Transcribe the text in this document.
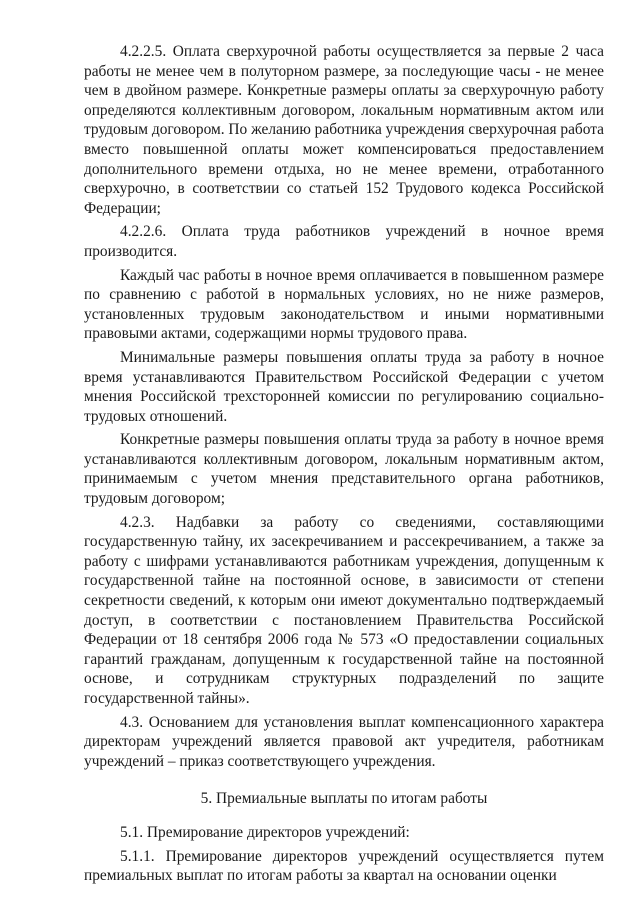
4.2.2.5. Оплата сверхурочной работы осуществляется за первые 2 часа работы не менее чем в полуторном размере, за последующие часы - не менее чем в двойном размере. Конкретные размеры оплаты за сверхурочную работу определяются коллективным договором, локальным нормативным актом или трудовым договором. По желанию работника учреждения сверхурочная работа вместо повышенной оплаты может компенсироваться предоставлением дополнительного времени отдыха, но не менее времени, отработанного сверхурочно, в соответствии со статьей 152 Трудового кодекса Российской Федерации;

4.2.2.6. Оплата труда работников учреждений в ночное время производится.

Каждый час работы в ночное время оплачивается в повышенном размере по сравнению с работой в нормальных условиях, но не ниже размеров, установленных трудовым законодательством и иными нормативными правовыми актами, содержащими нормы трудового права.

Минимальные размеры повышения оплаты труда за работу в ночное время устанавливаются Правительством Российской Федерации с учетом мнения Российской трехсторонней комиссии по регулированию социально-трудовых отношений.

Конкретные размеры повышения оплаты труда за работу в ночное время устанавливаются коллективным договором, локальным нормативным актом, принимаемым с учетом мнения представительного органа работников, трудовым договором;

4.2.3. Надбавки за работу со сведениями, составляющими государственную тайну, их засекречиванием и рассекречиванием, а также за работу с шифрами устанавливаются работникам учреждения, допущенным к государственной тайне на постоянной основе, в зависимости от степени секретности сведений, к которым они имеют документально подтверждаемый доступ, в соответствии с постановлением Правительства Российской Федерации от 18 сентября 2006 года № 573 «О предоставлении социальных гарантий гражданам, допущенным к государственной тайне на постоянной основе, и сотрудникам структурных подразделений по защите государственной тайны».

4.3. Основанием для установления выплат компенсационного характера директорам учреждений является правовой акт учредителя, работникам учреждений – приказ соответствующего учреждения.

5. Премиальные выплаты по итогам работы

5.1. Премирование директоров учреждений:

5.1.1. Премирование директоров учреждений осуществляется путем премиальных выплат по итогам работы за квартал на основании оценки
